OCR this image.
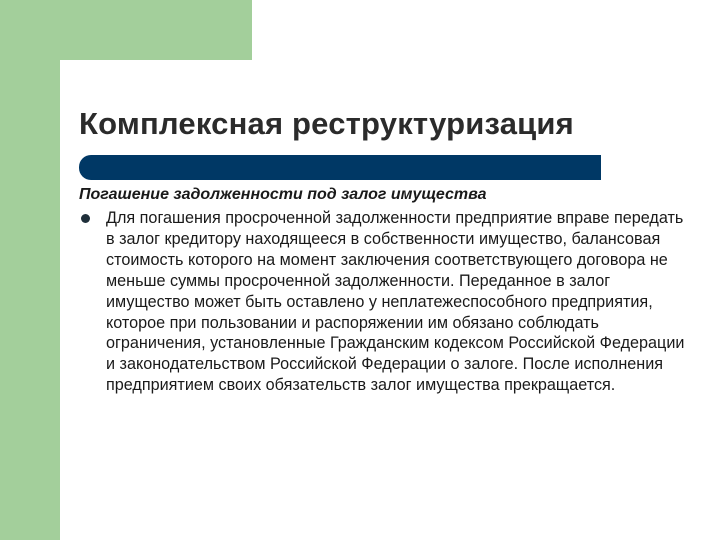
Комплексная реструктуризация
Погашение задолженности под залог имущества

Для погашения просроченной задолженности предприятие вправе передать в залог кредитору находящееся в собственности имущество, балансовая стоимость которого на момент заключения соответствующего договора не меньше суммы просроченной задолженности. Переданное в залог имущество может быть оставлено у неплатежеспособного предприятия, которое при пользовании и распоряжении им обязано соблюдать ограничения, установленные Гражданским кодексом Российской Федерации и законодательством Российской Федерации о залоге. После исполнения предприятием своих обязательств залог имущества прекращается.
